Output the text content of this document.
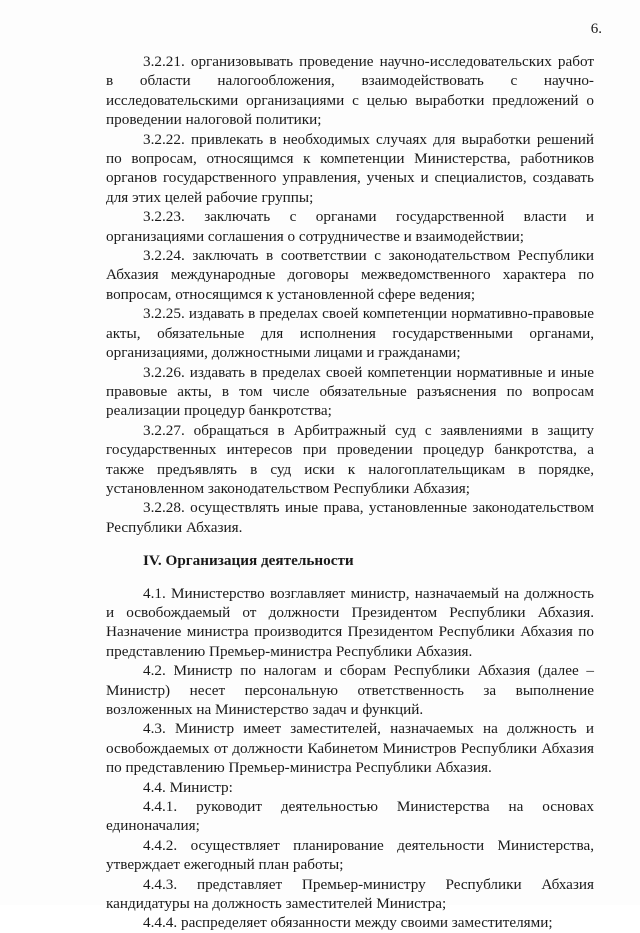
6.

3.2.21. организовывать проведение научно-исследовательских работ в области налогообложения, взаимодействовать с научно-исследовательскими организациями с целью выработки предложений о проведении налоговой политики;

3.2.22. привлекать в необходимых случаях для выработки решений по вопросам, относящимся к компетенции Министерства, работников органов государственного управления, ученых и специалистов, создавать для этих целей рабочие группы;

3.2.23. заключать с органами государственной власти и организациями соглашения о сотрудничестве и взаимодействии;

3.2.24. заключать в соответствии с законодательством Республики Абхазия международные договоры межведомственного характера по вопросам, относящимся к установленной сфере ведения;

3.2.25. издавать в пределах своей компетенции нормативно-правовые акты, обязательные для исполнения государственными органами, организациями, должностными лицами и гражданами;

3.2.26. издавать в пределах своей компетенции нормативные и иные правовые акты, в том числе обязательные разъяснения по вопросам реализации процедур банкротства;

3.2.27. обращаться в Арбитражный суд с заявлениями в защиту государственных интересов при проведении процедур банкротства, а также предъявлять в суд иски к налогоплательщикам в порядке, установленном законодательством Республики Абхазия;

3.2.28. осуществлять иные права, установленные законодательством Республики Абхазия.

IV. Организация деятельности

4.1. Министерство возглавляет министр, назначаемый на должность и освобождаемый от должности Президентом Республики Абхазия. Назначение министра производится Президентом Республики Абхазия по представлению Премьер-министра Республики Абхазия.

4.2. Министр по налогам и сборам Республики Абхазия (далее – Министр) несет персональную ответственность за выполнение возложенных на Министерство задач и функций.

4.3. Министр имеет заместителей, назначаемых на должность и освобождаемых от должности Кабинетом Министров Республики Абхазия по представлению Премьер-министра Республики Абхазия.

4.4. Министр:

4.4.1. руководит деятельностью Министерства на основах единоначалия;

4.4.2. осуществляет планирование деятельности Министерства, утверждает ежегодный план работы;

4.4.3. представляет Премьер-министру Республики Абхазия кандидатуры на должность заместителей Министра;

4.4.4. распределяет обязанности между своими заместителями;
